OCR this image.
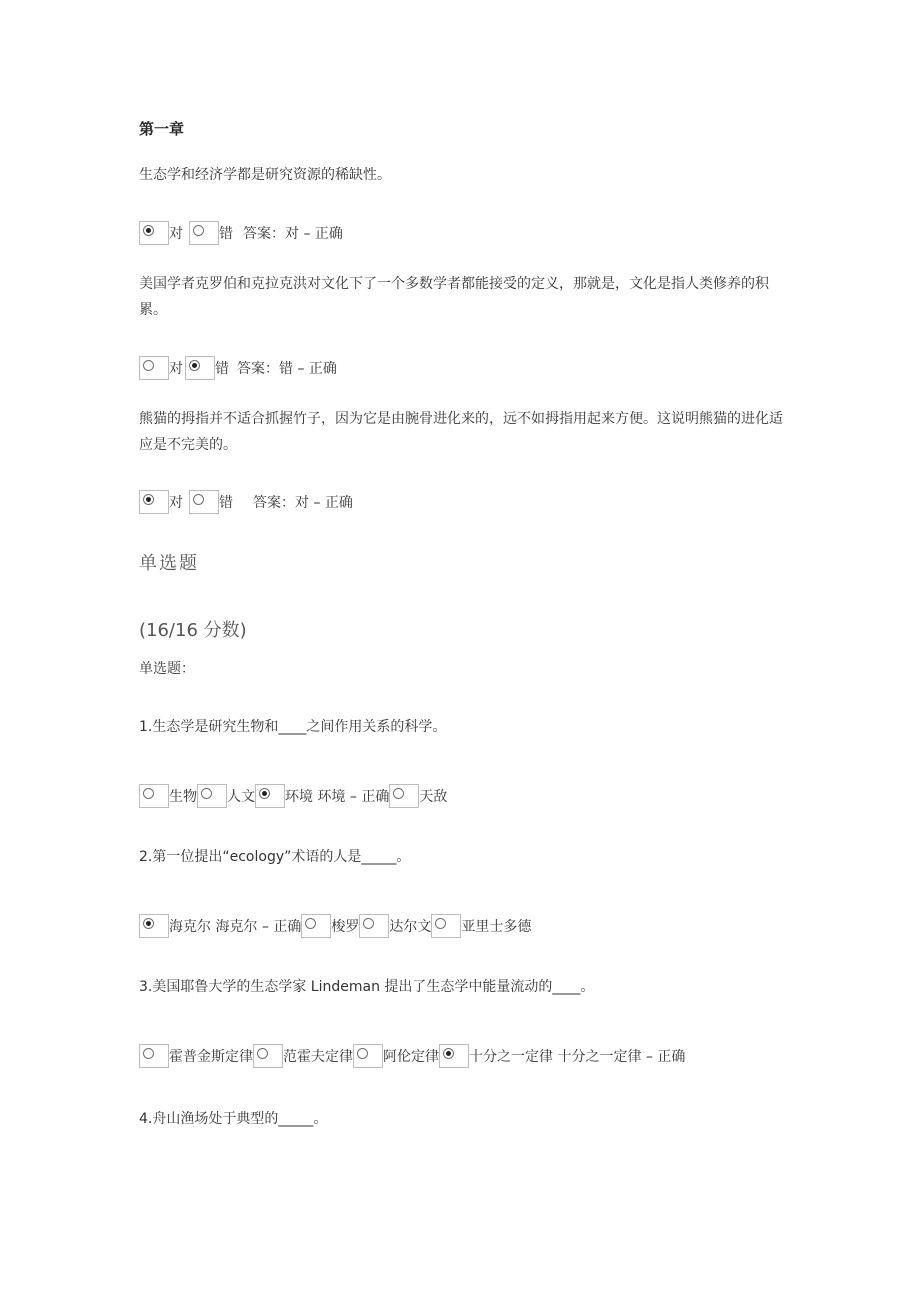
第一章
生态学和经济学都是研究资源的稀缺性。
对	错 答案：对 – 正确
美国学者克罗伯和克拉克洪对文化下了一个多数学者都能接受的定义，那就是，文化是指人类修养的积累。
对 错 答案：错 – 正确
熊猫的拇指并不适合抓握竹子，因为它是由腕骨进化来的，远不如拇指用起来方便。这说明熊猫的进化适应是不完美的。
对	错 答案：对 – 正确
单选题
(16/16 分数)
单选题：
1.生态学是研究生物和____之间作用关系的科学。
生物 人文 环境 环境 – 正确 天敌
2.第一位提出“ecology”术语的人是_____。
海克尔 海克尔 – 正确 梭罗 达尔文 亚里士多德
3.美国耶鲁大学的生态学家 Lindeman 提出了生态学中能量流动的____。
霍普金斯定律 范霍夫定律 阿伦定律 十分之一定律 十分之一定律 – 正确
4.舟山渔场处于典型的_____。
